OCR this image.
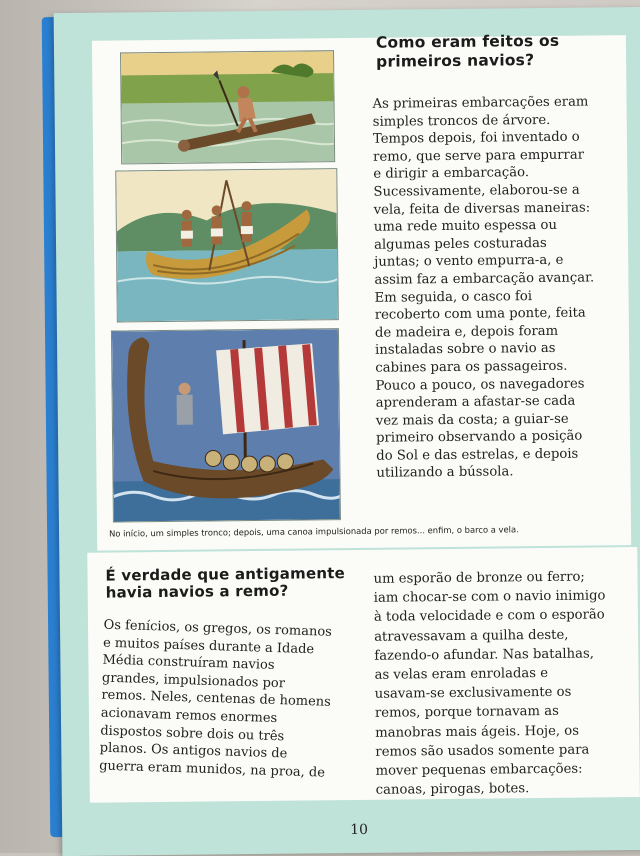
Como eram feitos os
primeiros navios?
As primeiras embarcações eram
simples troncos de árvore.
Tempos depois, foi inventado o
remo, que serve para empurrar
e dirigir a embarcação.
Sucessivamente, elaborou-se a
vela, feita de diversas maneiras:
uma rede muito espessa ou
algumas peles costuradas
juntas; o vento empurra-a, e
assim faz a embarcação avançar.
Em seguida, o casco foi
recoberto com uma ponte, feita
de madeira e, depois foram
instaladas sobre o navio as
cabines para os passageiros.
Pouco a pouco, os navegadores
aprenderam a afastar-se cada
vez mais da costa; a guiar-se
primeiro observando a posição
do Sol e das estrelas, e depois
utilizando a bússola.
No início, um simples tronco; depois, uma canoa impulsionada por remos... enfim, o barco a vela.
É verdade que antigamente
havia navios a remo?
Os fenícios, os gregos, os romanos
e muitos países durante a Idade
Média construíram navios
grandes, impulsionados por
remos. Neles, centenas de homens
acionavam remos enormes
dispostos sobre dois ou três
planos. Os antigos navios de
guerra eram munidos, na proa, de
um esporão de bronze ou ferro;
iam chocar-se com o navio inimigo
à toda velocidade e com o esporão
atravessavam a quilha deste,
fazendo-o afundar. Nas batalhas,
as velas eram enroladas e
usavam-se exclusivamente os
remos, porque tornavam as
manobras mais ágeis. Hoje, os
remos são usados somente para
mover pequenas embarcações:
canoas, pirogas, botes.
10
